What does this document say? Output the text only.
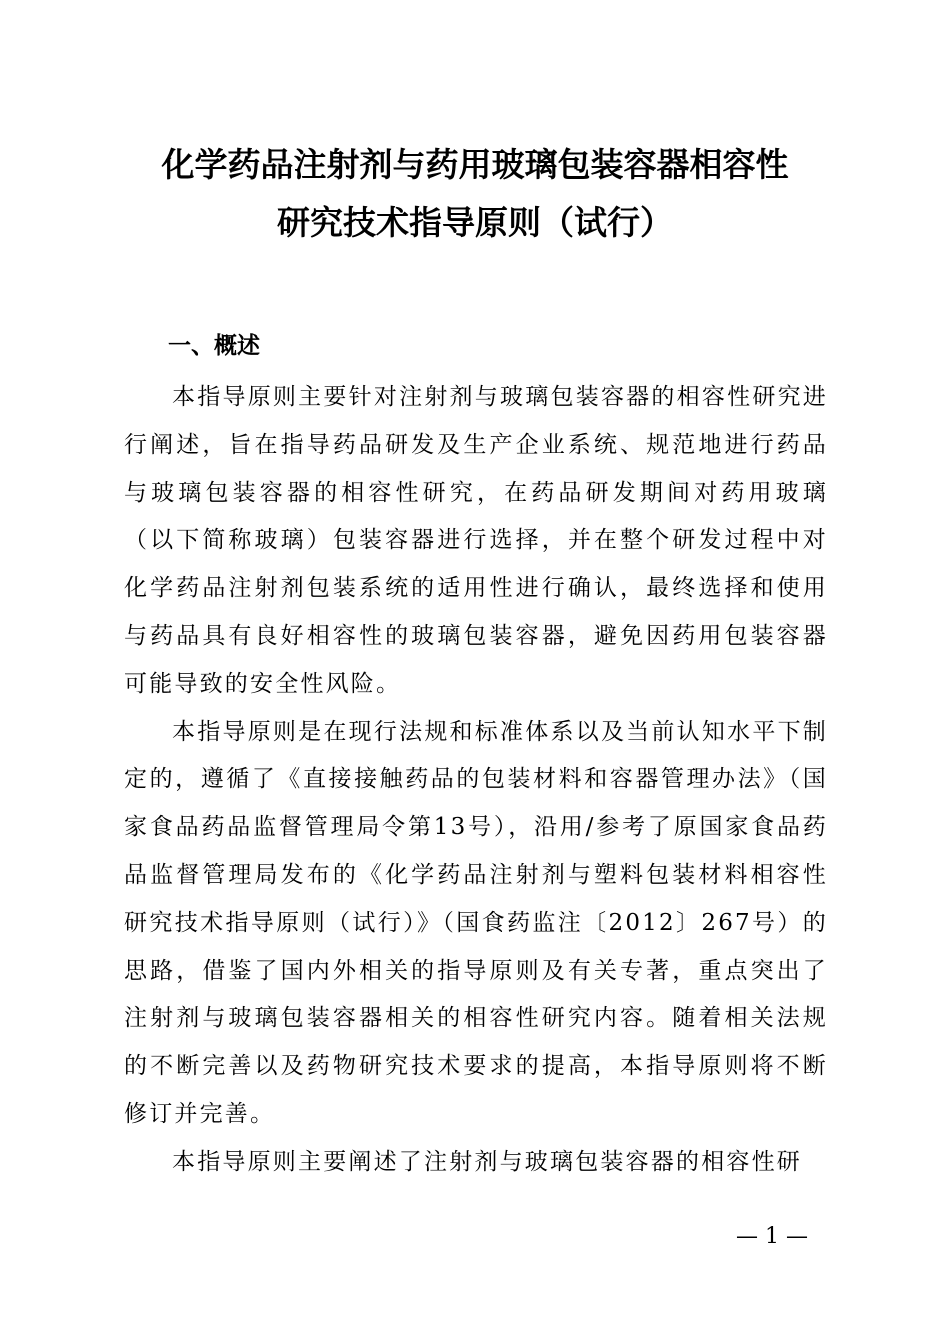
化学药品注射剂与药用玻璃包装容器相容性
研究技术指导原则（试行）
一、概述

本指导原则主要针对注射剂与玻璃包装容器的相容性研究进行阐述，旨在指导药品研发及生产企业系统、规范地进行药品与玻璃包装容器的相容性研究，在药品研发期间对药用玻璃（以下简称玻璃）包装容器进行选择，并在整个研发过程中对化学药品注射剂包装系统的适用性进行确认，最终选择和使用与药品具有良好相容性的玻璃包装容器，避免因药用包装容器可能导致的安全性风险。

本指导原则是在现行法规和标准体系以及当前认知水平下制定的，遵循了《直接接触药品的包装材料和容器管理办法》（国家食品药品监督管理局令第13号），沿用/参考了原国家食品药品监督管理局发布的《化学药品注射剂与塑料包装材料相容性研究技术指导原则（试行）》（国食药监注〔2012〕267号）的思路，借鉴了国内外相关的指导原则及有关专著，重点突出了注射剂与玻璃包装容器相关的相容性研究内容。随着相关法规的不断完善以及药物研究技术要求的提高，本指导原则将不断修订并完善。

本指导原则主要阐述了注射剂与玻璃包装容器的相容性研

— 1 —
